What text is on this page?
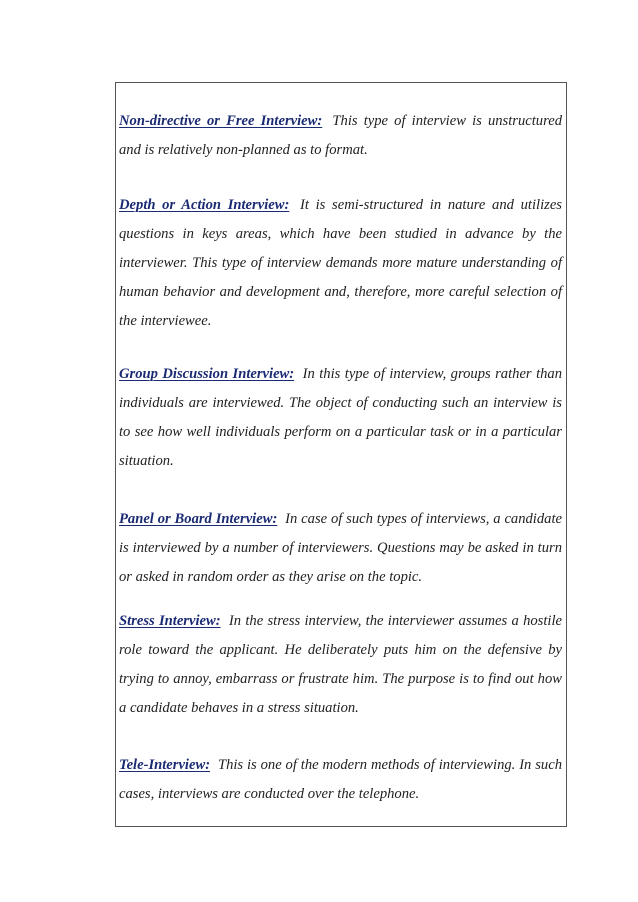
Non-directive or Free Interview: This type of interview is unstructured and is relatively non-planned as to format.

Depth or Action Interview: It is semi-structured in nature and utilizes questions in keys areas, which have been studied in advance by the interviewer. This type of interview demands more mature understanding of human behavior and development and, therefore, more careful selection of the interviewee.

Group Discussion Interview: In this type of interview, groups rather than individuals are interviewed. The object of conducting such an interview is to see how well individuals perform on a particular task or in a particular situation.

Panel or Board Interview: In case of such types of interviews, a candidate is interviewed by a number of interviewers. Questions may be asked in turn or asked in random order as they arise on the topic.

Stress Interview: In the stress interview, the interviewer assumes a hostile role toward the applicant. He deliberately puts him on the defensive by trying to annoy, embarrass or frustrate him. The purpose is to find out how a candidate behaves in a stress situation.

Tele-Interview: This is one of the modern methods of interviewing. In such cases, interviews are conducted over the telephone.
